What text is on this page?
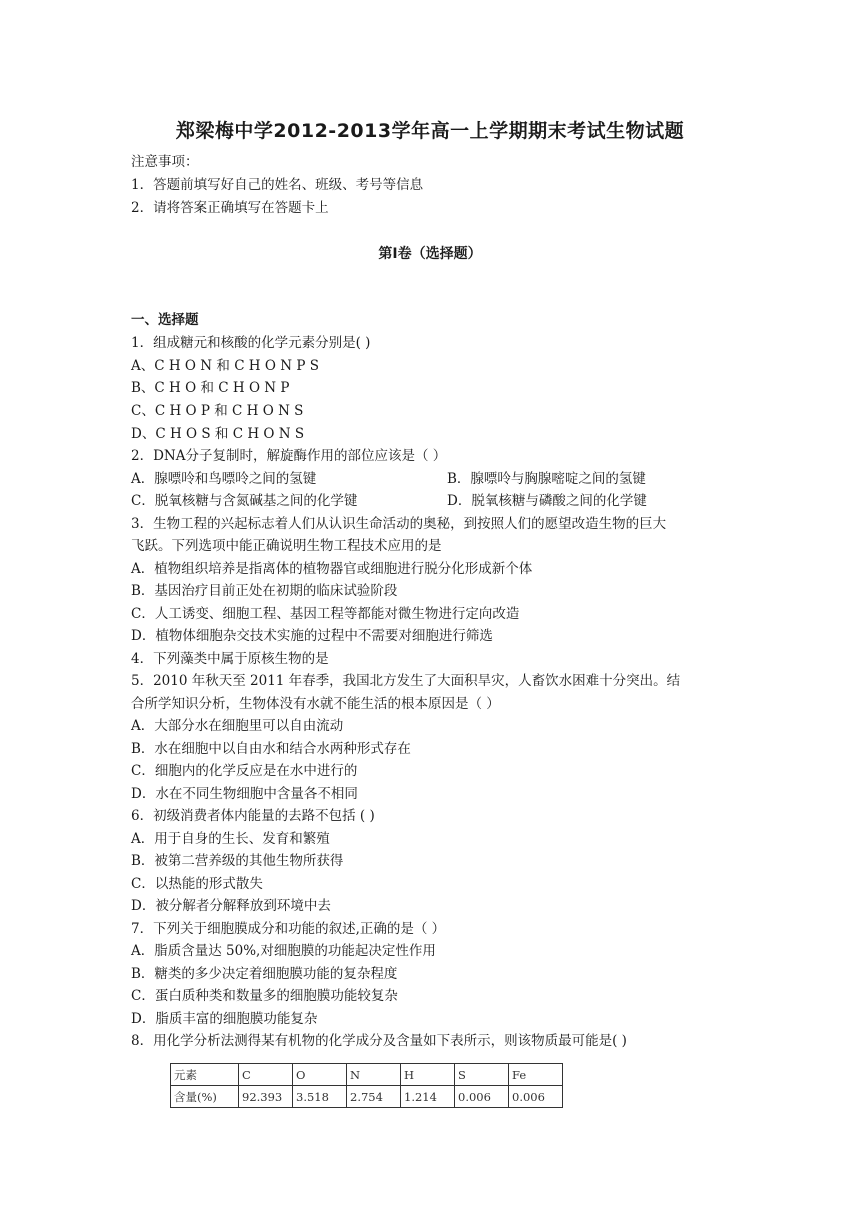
郑梁梅中学2012-2013学年高一上学期期末考试生物试题
注意事项：
1．答题前填写好自己的姓名、班级、考号等信息
2．请将答案正确填写在答题卡上
第I卷（选择题）
一、选择题
1．组成糖元和核酸的化学元素分别是( )
A、C H O N 和 C H O N P S
B、C H O 和 C H O N P
C、C H O P 和 C H O N S
D、C H O S 和 C H O N S
2．DNA分子复制时，解旋酶作用的部位应该是（ ）
A．腺嘌呤和鸟嘌呤之间的氢键	B．腺嘌呤与胸腺嘧啶之间的氢键
C．脱氧核糖与含氮碱基之间的化学键	D．脱氧核糖与磷酸之间的化学键
3．生物工程的兴起标志着人们从认识生命活动的奥秘，到按照人们的愿望改造生物的巨大
飞跃。下列选项中能正确说明生物工程技术应用的是
A．植物组织培养是指离体的植物器官或细胞进行脱分化形成新个体
B．基因治疗目前正处在初期的临床试验阶段
C．人工诱变、细胞工程、基因工程等都能对微生物进行定向改造
D．植物体细胞杂交技术实施的过程中不需要对细胞进行筛选
4．下列藻类中属于原核生物的是
5．2010 年秋天至 2011 年春季，我国北方发生了大面积旱灾，人畜饮水困难十分突出。结
合所学知识分析，生物体没有水就不能生活的根本原因是（ ）
A．大部分水在细胞里可以自由流动
B．水在细胞中以自由水和结合水两种形式存在
C．细胞内的化学反应是在水中进行的
D．水在不同生物细胞中含量各不相同
6．初级消费者体内能量的去路不包括 ( )
A．用于自身的生长、发育和繁殖
B．被第二营养级的其他生物所获得
C．以热能的形式散失
D．被分解者分解释放到环境中去
7．下列关于细胞膜成分和功能的叙述,正确的是（ ）
A．脂质含量达 50%,对细胞膜的功能起决定性作用
B．糖类的多少决定着细胞膜功能的复杂程度
C．蛋白质种类和数量多的细胞膜功能较复杂
D．脂质丰富的细胞膜功能复杂
8．用化学分析法测得某有机物的化学成分及含量如下表所示，则该物质最可能是( )
元素	C	O	N	H	S	Fe
含量(%)	92.393	3.518	2.754	1.214	0.006	0.006
